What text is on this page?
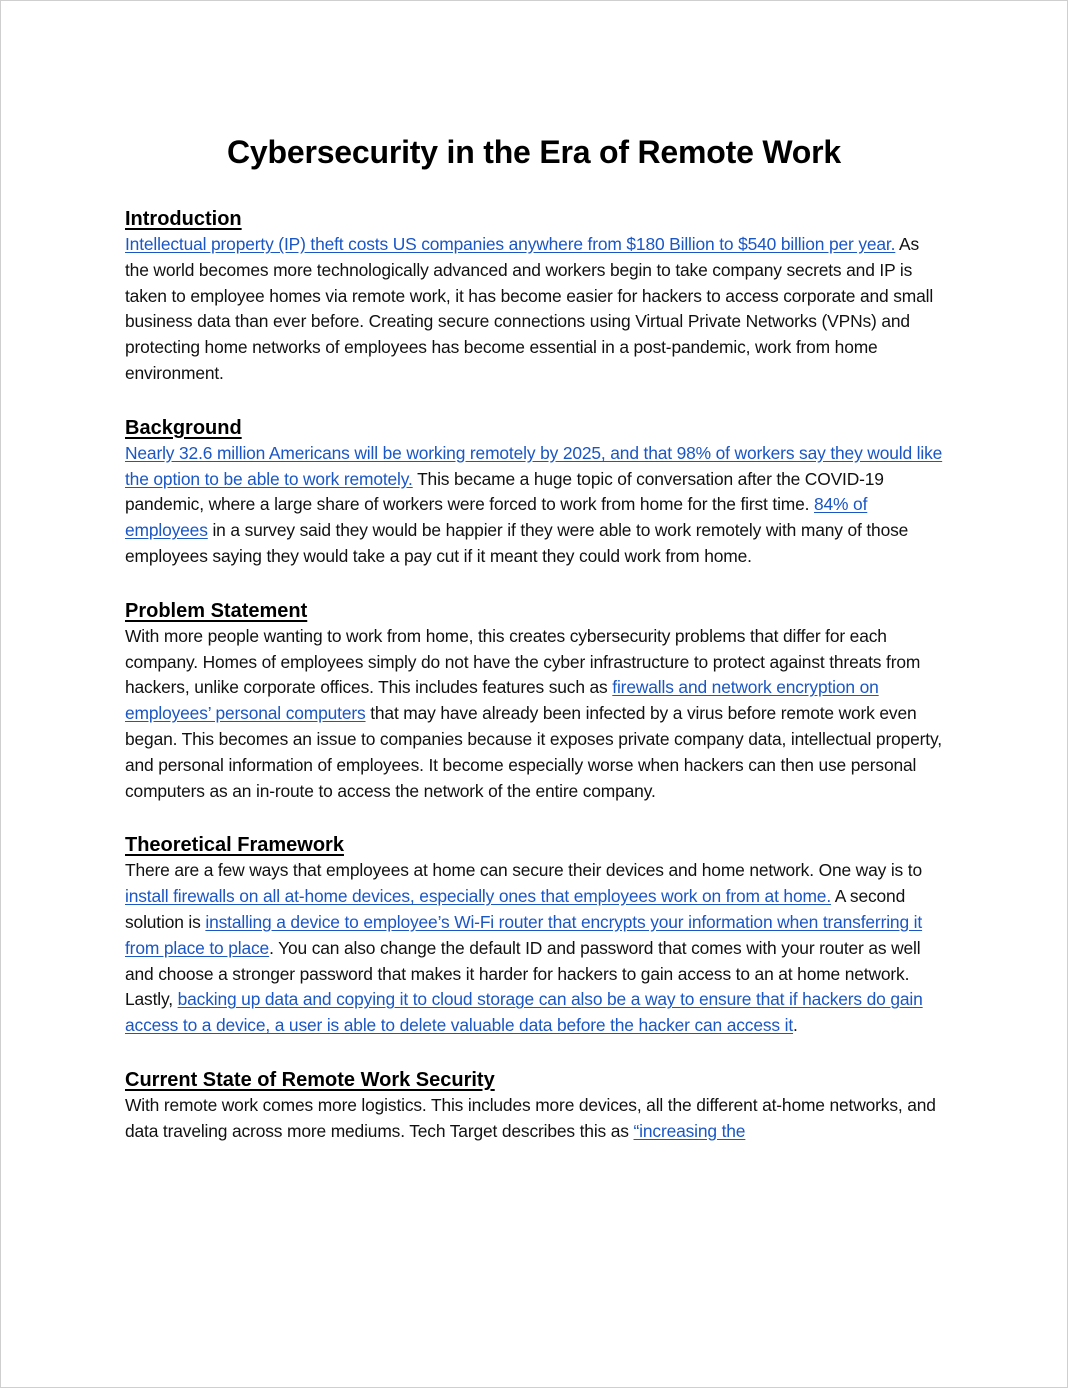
Cybersecurity in the Era of Remote Work
Introduction
Intellectual property (IP) theft costs US companies anywhere from $180 Billion to $540 billion per year. As the world becomes more technologically advanced and workers begin to take company secrets and IP is taken to employee homes via remote work, it has become easier for hackers to access corporate and small business data than ever before. Creating secure connections using Virtual Private Networks (VPNs) and protecting home networks of employees has become essential in a post-pandemic, work from home environment.
Background
Nearly 32.6 million Americans will be working remotely by 2025, and that 98% of workers say they would like the option to be able to work remotely. This became a huge topic of conversation after the COVID-19 pandemic, where a large share of workers were forced to work from home for the first time. 84% of employees in a survey said they would be happier if they were able to work remotely with many of those employees saying they would take a pay cut if it meant they could work from home.
Problem Statement
With more people wanting to work from home, this creates cybersecurity problems that differ for each company. Homes of employees simply do not have the cyber infrastructure to protect against threats from hackers, unlike corporate offices. This includes features such as firewalls and network encryption on employees’ personal computers that may have already been infected by a virus before remote work even began. This becomes an issue to companies because it exposes private company data, intellectual property, and personal information of employees. It become especially worse when hackers can then use personal computers as an in-route to access the network of the entire company.
Theoretical Framework
There are a few ways that employees at home can secure their devices and home network. One way is to install firewalls on all at-home devices, especially ones that employees work on from at home. A second solution is installing a device to employee’s Wi-Fi router that encrypts your information when transferring it from place to place. You can also change the default ID and password that comes with your router as well and choose a stronger password that makes it harder for hackers to gain access to an at home network. Lastly, backing up data and copying it to cloud storage can also be a way to ensure that if hackers do gain access to a device, a user is able to delete valuable data before the hacker can access it.
Current State of Remote Work Security
With remote work comes more logistics. This includes more devices, all the different at-home networks, and data traveling across more mediums. Tech Target describes this as “increasing the
